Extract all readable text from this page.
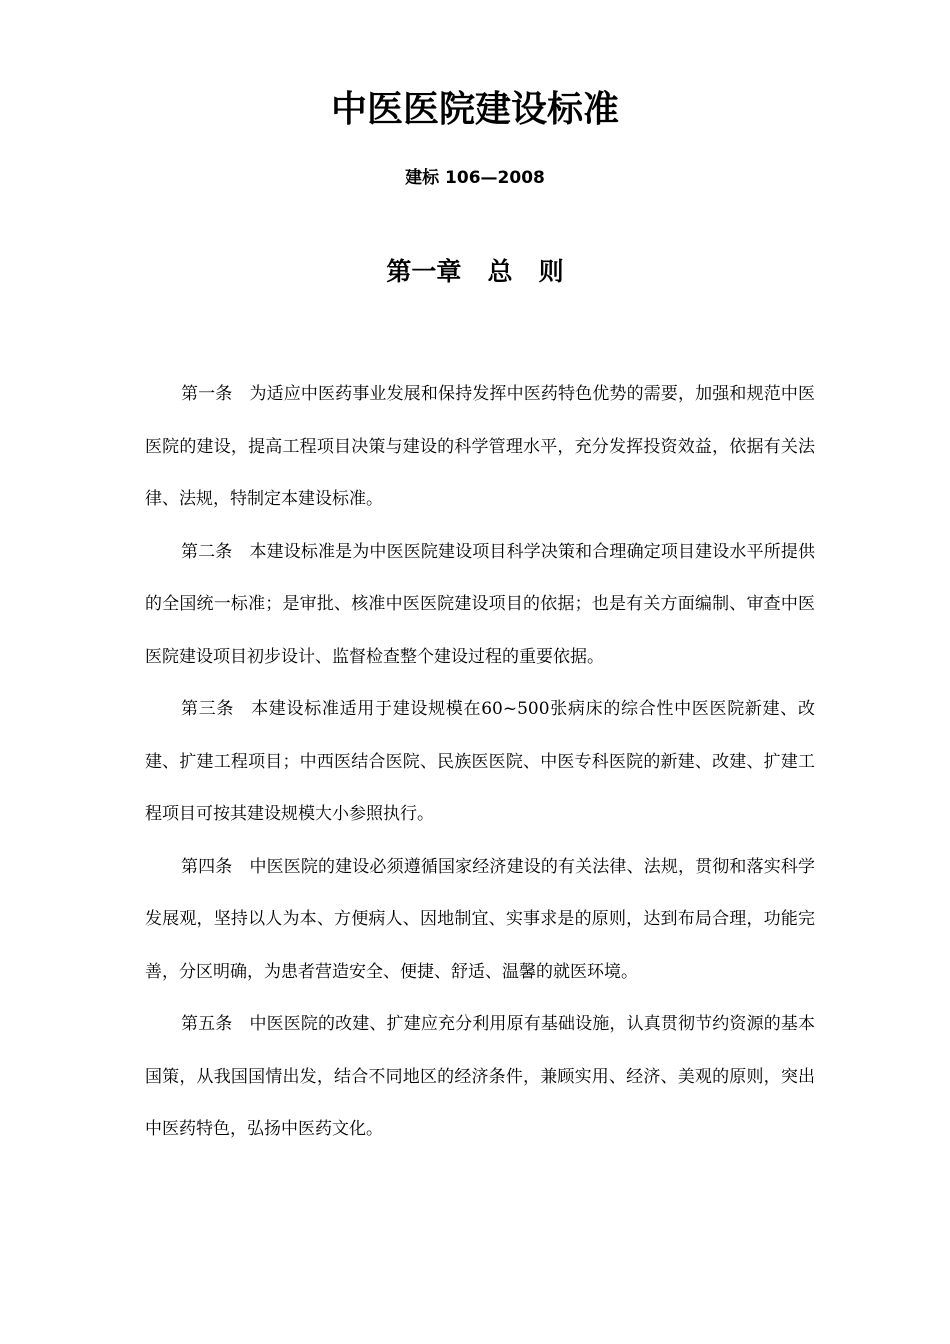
中医医院建设标准
建标 106—2008
第一章   总   则

第一条 为适应中医药事业发展和保持发挥中医药特色优势的需要，加强和规范中医医院的建设，提高工程项目决策与建设的科学管理水平，充分发挥投资效益，依据有关法律、法规，特制定本建设标准。

第二条 本建设标准是为中医医院建设项目科学决策和合理确定项目建设水平所提供的全国统一标准；是审批、核准中医医院建设项目的依据；也是有关方面编制、审查中医医院建设项目初步设计、监督检查整个建设过程的重要依据。

第三条 本建设标准适用于建设规模在60~500张病床的综合性中医医院新建、改建、扩建工程项目；中西医结合医院、民族医医院、中医专科医院的新建、改建、扩建工程项目可按其建设规模大小参照执行。

第四条 中医医院的建设必须遵循国家经济建设的有关法律、法规，贯彻和落实科学发展观，坚持以人为本、方便病人、因地制宜、实事求是的原则，达到布局合理，功能完善，分区明确，为患者营造安全、便捷、舒适、温馨的就医环境。

第五条 中医医院的改建、扩建应充分利用原有基础设施，认真贯彻节约资源的基本国策，从我国国情出发，结合不同地区的经济条件，兼顾实用、经济、美观的原则，突出中医药特色，弘扬中医药文化。
